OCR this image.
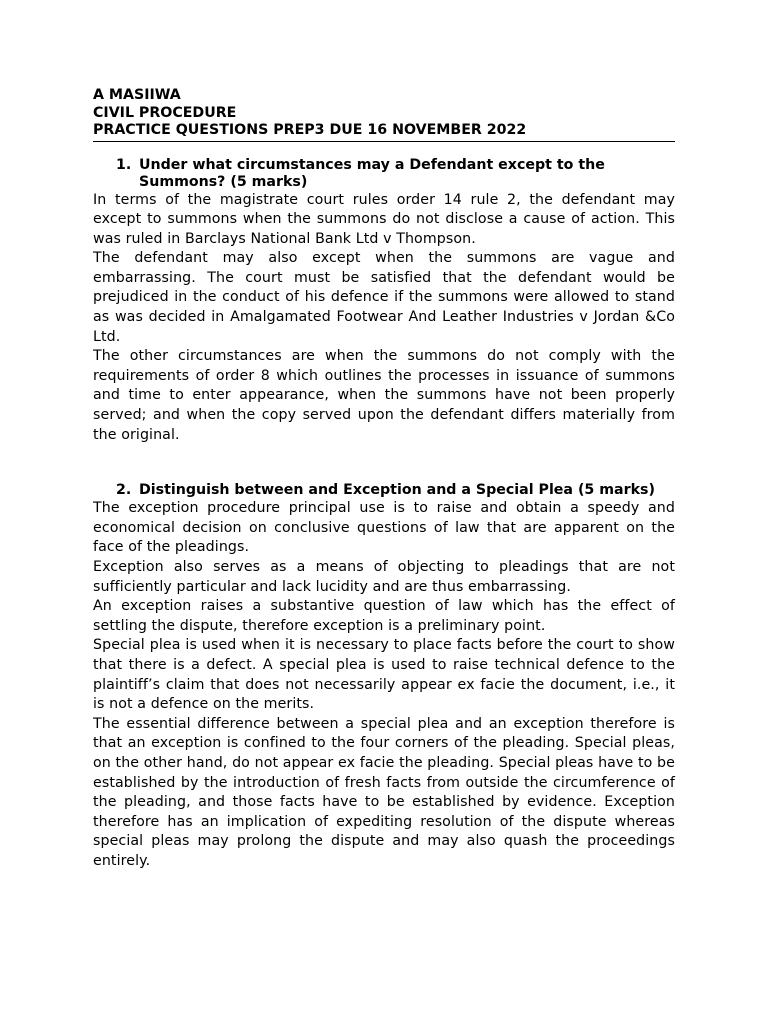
A MASIIWA

CIVIL PROCEDURE

PRACTICE QUESTIONS PREP3 DUE 16 NOVEMBER 2022

1. Under what circumstances may a Defendant except to the Summons? (5 marks)

In terms of the magistrate court rules order 14 rule 2, the defendant may except to summons when the summons do not disclose a cause of action. This was ruled in Barclays National Bank Ltd v Thompson.

The defendant may also except when the summons are vague and embarrassing. The court must be satisfied that the defendant would be prejudiced in the conduct of his defence if the summons were allowed to stand as was decided in Amalgamated Footwear And Leather Industries v Jordan &Co Ltd.

The other circumstances are when the summons do not comply with the requirements of order 8 which outlines the processes in issuance of summons and time to enter appearance, when the summons have not been properly served; and when the copy served upon the defendant differs materially from the original.

2. Distinguish between and Exception and a Special Plea (5 marks)

The exception procedure principal use is to raise and obtain a speedy and economical decision on conclusive questions of law that are apparent on the face of the pleadings.

Exception also serves as a means of objecting to pleadings that are not sufficiently particular and lack lucidity and are thus embarrassing.

An exception raises a substantive question of law which has the effect of settling the dispute, therefore exception is a preliminary point.

Special plea is used when it is necessary to place facts before the court to show that there is a defect. A special plea is used to raise technical defence to the plaintiff’s claim that does not necessarily appear ex facie the document, i.e., it is not a defence on the merits.

The essential difference between a special plea and an exception therefore is that an exception is confined to the four corners of the pleading. Special pleas, on the other hand, do not appear ex facie the pleading. Special pleas have to be established by the introduction of fresh facts from outside the circumference of the pleading, and those facts have to be established by evidence. Exception therefore has an implication of expediting resolution of the dispute whereas special pleas may prolong the dispute and may also quash the proceedings entirely.
